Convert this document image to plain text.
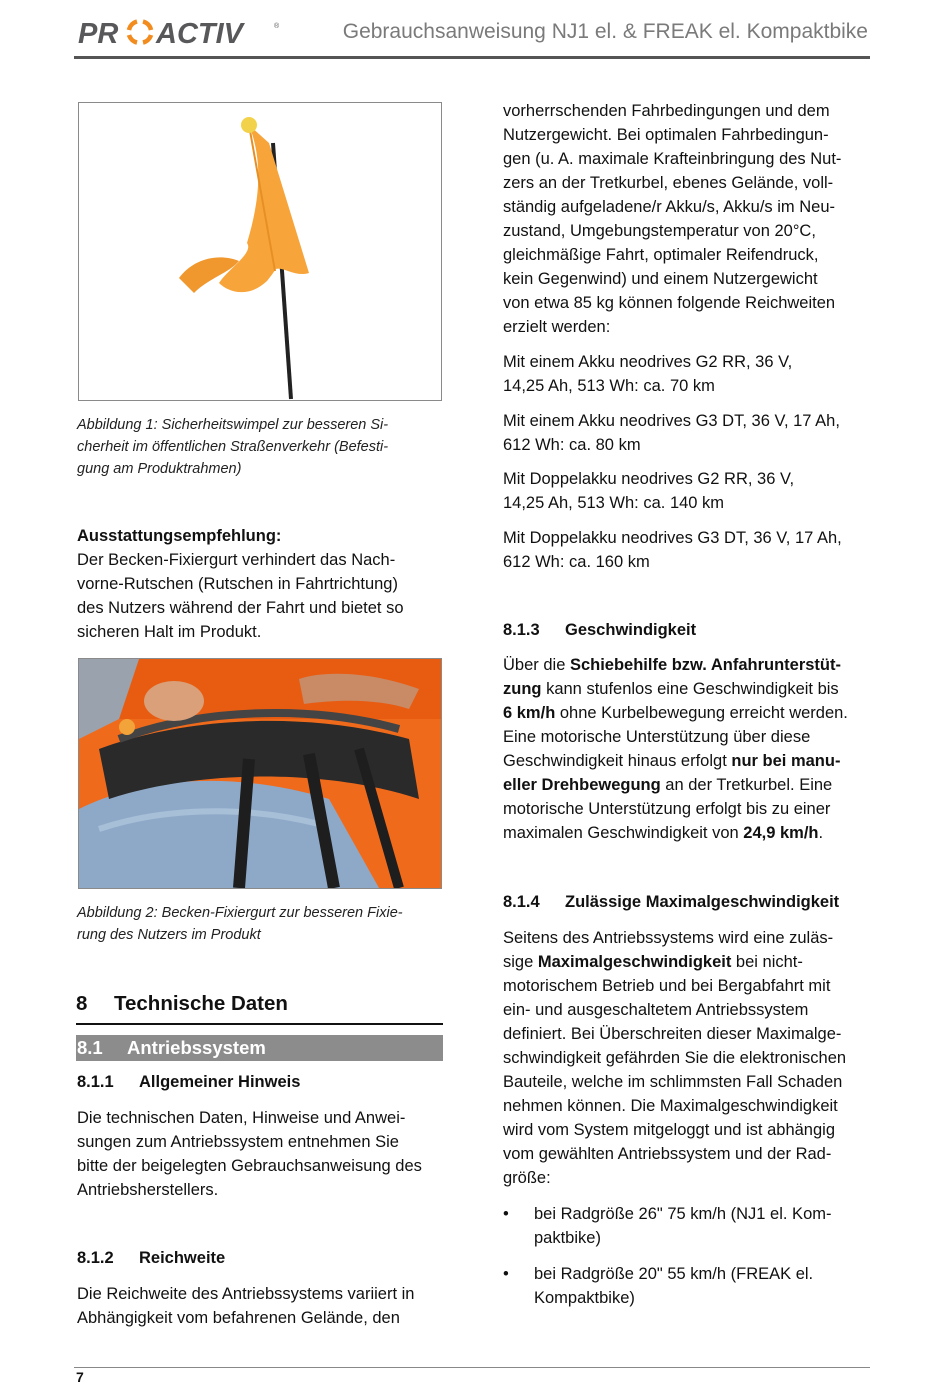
PR ACTIV	®	Gebrauchsanweisung NJ1 el. & FREAK el. Kompaktbike
Abbildung 1: Sicherheitswimpel zur besseren Si-
cherheit im öffentlichen Straßenverkehr (Befesti-
gung am Produktrahmen)
Ausstattungsempfehlung:
Der Becken-Fixiergurt verhindert das Nach-
vorne-Rutschen (Rutschen in Fahrtrichtung)
des Nutzers während der Fahrt und bietet so
sicheren Halt im Produkt.
Abbildung 2: Becken-Fixiergurt zur besseren Fixie-
rung des Nutzers im Produkt
8 Technische Daten
8.1 Antriebssystem
8.1.1 Allgemeiner Hinweis
Die technischen Daten, Hinweise und Anwei-
sungen zum Antriebssystem entnehmen Sie
bitte der beigelegten Gebrauchsanweisung des
Antriebsherstellers.
8.1.2 Reichweite
Die Reichweite des Antriebssystems variiert in
Abhängigkeit vom befahrenen Gelände, den
vorherrschenden Fahrbedingungen und dem
Nutzergewicht. Bei optimalen Fahrbedingun-
gen (u. A. maximale Krafteinbringung des Nut-
zers an der Tretkurbel, ebenes Gelände, voll-
ständig aufgeladene/r Akku/s, Akku/s im Neu-
zustand, Umgebungstemperatur von 20°C,
gleichmäßige Fahrt, optimaler Reifendruck,
kein Gegenwind) und einem Nutzergewicht
von etwa 85 kg können folgende Reichweiten
erzielt werden:
Mit einem Akku neodrives G2 RR, 36 V,
14,25 Ah, 513 Wh: ca. 70 km
Mit einem Akku neodrives G3 DT, 36 V, 17 Ah,
612 Wh: ca. 80 km
Mit Doppelakku neodrives G2 RR, 36 V,
14,25 Ah, 513 Wh: ca. 140 km
Mit Doppelakku neodrives G3 DT, 36 V, 17 Ah,
612 Wh: ca. 160 km
8.1.3 Geschwindigkeit
Über die Schiebehilfe bzw. Anfahrunterstüt-
zung kann stufenlos eine Geschwindigkeit bis
6 km/h ohne Kurbelbewegung erreicht werden.
Eine motorische Unterstützung über diese
Geschwindigkeit hinaus erfolgt nur bei manu-
eller Drehbewegung an der Tretkurbel. Eine
motorische Unterstützung erfolgt bis zu einer
maximalen Geschwindigkeit von 24,9 km/h.
8.1.4 Zulässige Maximalgeschwindigkeit
Seitens des Antriebssystems wird eine zuläs-
sige Maximalgeschwindigkeit bei nicht-
motorischem Betrieb und bei Bergabfahrt mit
ein- und ausgeschaltetem Antriebssystem
definiert. Bei Überschreiten dieser Maximalge-
schwindigkeit gefährden Sie die elektronischen
Bauteile, welche im schlimmsten Fall Schaden
nehmen können. Die Maximalgeschwindigkeit
wird vom System mitgeloggt und ist abhängig
vom gewählten Antriebssystem und der Rad-
größe:
• bei Radgröße 26" 75 km/h (NJ1 el. Kom-
paktbike)
• bei Radgröße 20" 55 km/h (FREAK el.
Kompaktbike)
7
